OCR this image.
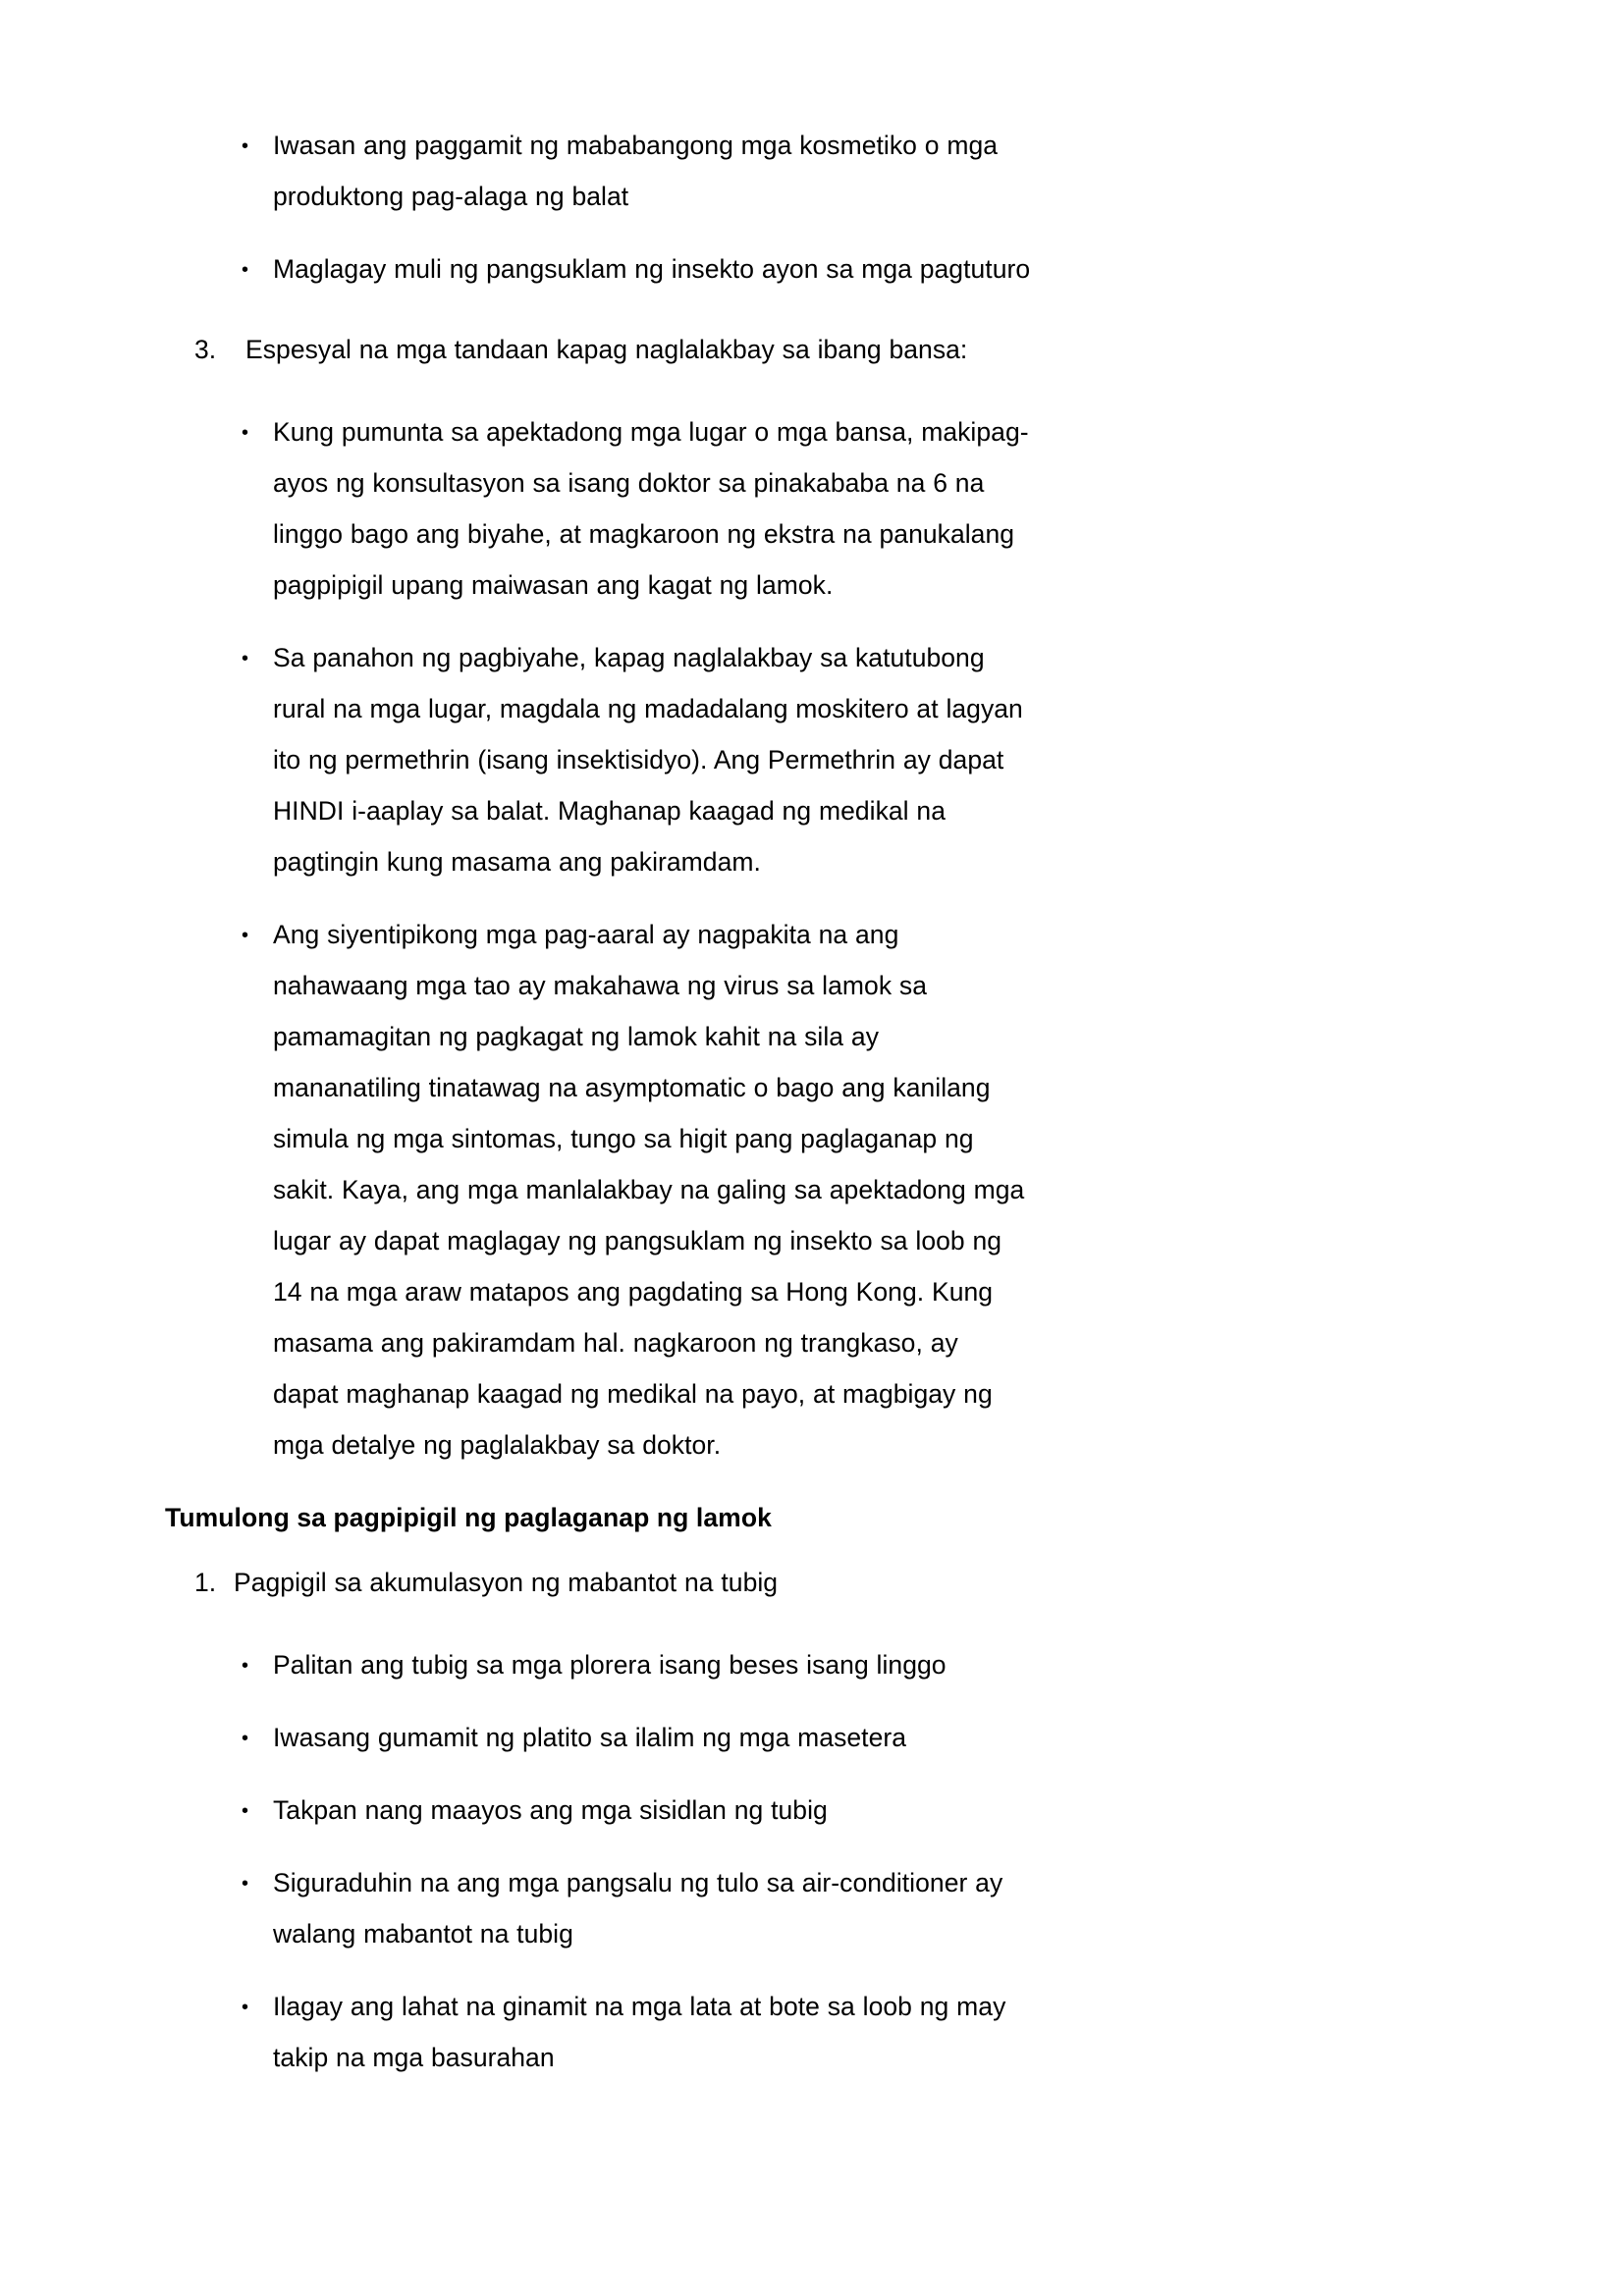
•
Iwasan ang paggamit ng mababangong mga kosmetiko o mga produktong pag-alaga ng balat
•
Maglagay muli ng pangsuklam ng insekto ayon sa mga pagtuturo
3.	Espesyal na mga tandaan kapag naglalakbay sa ibang bansa:
•
Kung pumunta sa apektadong mga lugar o mga bansa, makipag-ayos ng konsultasyon sa isang doktor sa pinakababa na 6 na linggo bago ang biyahe, at magkaroon ng ekstra na panukalang pagpipigil upang maiwasan ang kagat ng lamok.
•
Sa panahon ng pagbiyahe, kapag naglalakbay sa katutubong rural na mga lugar, magdala ng madadalang moskitero at lagyan ito ng permethrin (isang insektisidyo). Ang Permethrin ay dapat HINDI i-aaplay sa balat. Maghanap kaagad ng medikal na pagtingin kung masama ang pakiramdam.
•
Ang siyentipikong mga pag-aaral ay nagpakita na ang nahawaang mga tao ay makahawa ng virus sa lamok sa pamamagitan ng pagkagat ng lamok kahit na sila ay mananatiling tinatawag na asymptomatic o bago ang kanilang simula ng mga sintomas, tungo sa higit pang paglaganap ng sakit. Kaya, ang mga manlalakbay na galing sa apektadong mga lugar ay dapat maglagay ng pangsuklam ng insekto sa loob ng 14 na mga araw matapos ang pagdating sa Hong Kong. Kung masama ang pakiramdam hal. nagkaroon ng trangkaso, ay dapat maghanap kaagad ng medikal na payo, at magbigay ng mga detalye ng paglalakbay sa doktor.
Tumulong sa pagpipigil ng paglaganap ng lamok
1. Pagpigil sa akumulasyon ng mabantot na tubig
•
Palitan ang tubig sa mga plorera isang beses isang linggo
•
Iwasang gumamit ng platito sa ilalim ng mga masetera
•
Takpan nang maayos ang mga sisidlan ng tubig
•
Siguraduhin na ang mga pangsalu ng tulo sa air-conditioner ay walang mabantot na tubig
•
Ilagay ang lahat na ginamit na mga lata at bote sa loob ng may takip na mga basurahan
